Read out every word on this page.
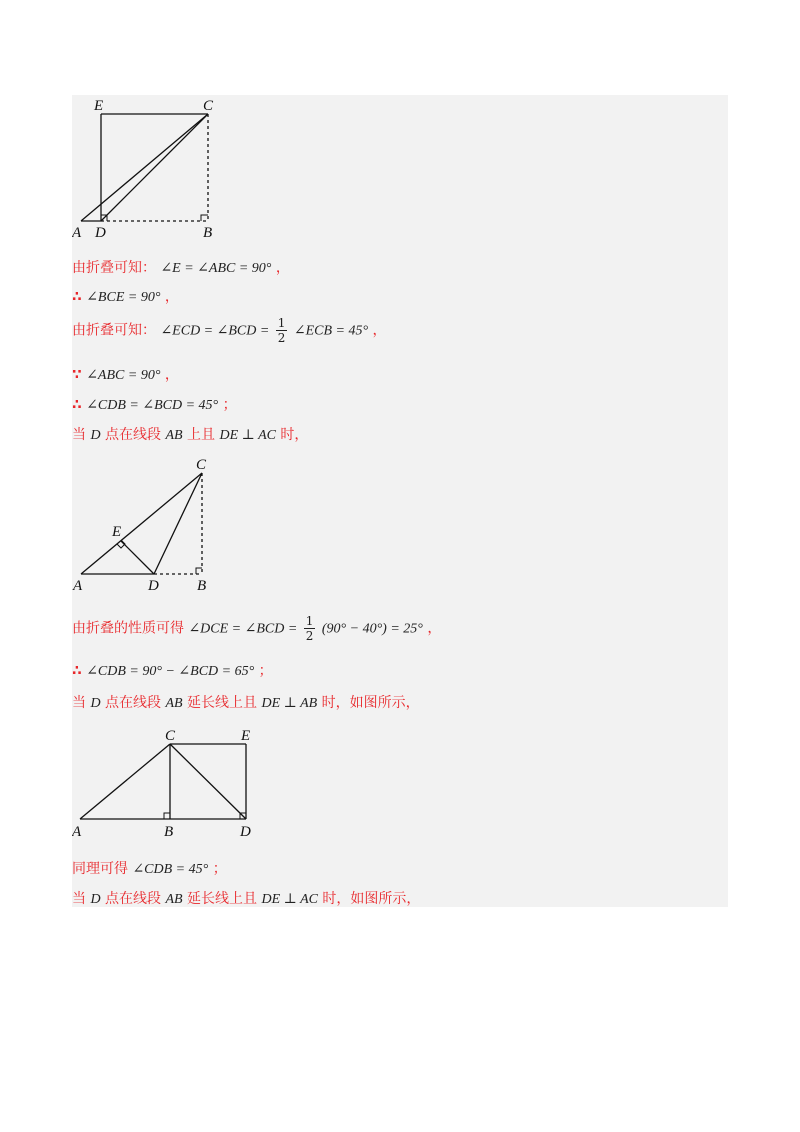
E	C
A D	B
由折叠可知： ∠E = ∠ABC = 90° ，
∴ ∠BCE = 90° ，
由折叠可知： ∠ECD = ∠BCD = $\frac{1}{2}$ ∠ECB = 45° ，
∵ ∠ABC = 90° ，
∴ ∠CDB = ∠BCD = 45° ；
当 D 点在线段 AB 上且 DE ⊥ AC 时，
C
E
A	D	B
由折叠的性质可得 ∠DCE = ∠BCD = $\frac{1}{2} (90^\circ - 40^\circ) = 25^\circ$ ，
∴ ∠CDB = 90° − ∠BCD = 65° ；
当 D 点在线段 AB 延长线上且 DE ⊥ AB 时，如图所示，
C	E
A	B	D
同理可得 ∠CDB = 45° ；
当 D 点在线段 AB 延长线上且 DE ⊥ AC 时，如图所示，
